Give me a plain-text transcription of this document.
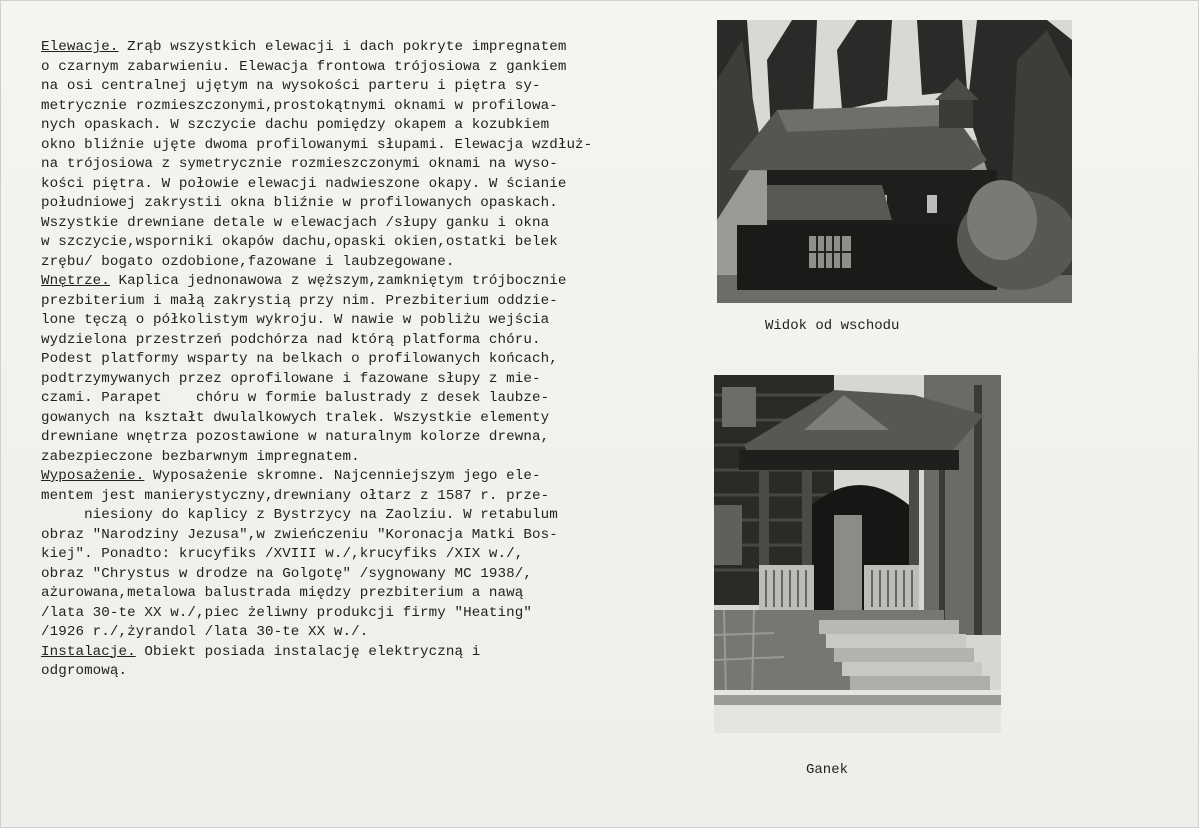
Elewacje. Zrąb wszystkich elewacji i dach pokryte impregnatem
o czarnym zabarwieniu. Elewacja frontowa trójosiowa z gankiem
na osi centralnej ujętym na wysokości parteru i piętra sy-
metrycznie rozmieszczonymi,prostokątnymi oknami w profilowa-
nych opaskach. W szczycie dachu pomiędzy okapem a kozubkiem
okno bliźnie ujęte dwoma profilowanymi słupami. Elewacja wzdłuż-
na trójosiowa z symetrycznie rozmieszczonymi oknami na wyso-
kości piętra. W połowie elewacji nadwieszone okapy. W ścianie
południowej zakrystii okna bliźnie w profilowanych opaskach.
Wszystkie drewniane detale w elewacjach /słupy ganku i okna
w szczycie,wsporniki okapów dachu,opaski okien,ostatki belek
zrębu/ bogato ozdobione,fazowane i laubzegowane.
Wnętrze. Kaplica jednonawowa z węższym,zamkniętym trójbocznie
prezbiterium i małą zakrystią przy nim. Prezbiterium oddzie-
lone tęczą o półkolistym wykroju. W nawie w pobliżu wejścia
wydzielona przestrzeń podchórza nad którą platforma chóru.
Podest platformy wsparty na belkach o profilowanych końcach,
podtrzymywanych przez oprofilowane i fazowane słupy z mie-
czami. Parapet    chóru w formie balustrady z desek laubze-
gowanych na kształt dwulalkowych tralek. Wszystkie elementy
drewniane wnętrza pozostawione w naturalnym kolorze drewna,
zabezpieczone bezbarwnym impregnatem.
Wyposażenie. Wyposażenie skromne. Najcenniejszym jego ele-
mentem jest manierystyczny,drewniany ołtarz z 1587 r. prze-
niesiony do kaplicy z Bystrzycy na Zaolziu. W retabulum
obraz "Narodziny Jezusa",w zwieńczeniu "Koronacja Matki Bos-
kiej". Ponadto: krucyfiks /XVIII w./,krucyfiks /XIX w./,
obraz "Chrystus w drodze na Golgotę" /sygnowany MC 1938/,
ażurowana,metalowa balustrada między prezbiterium a nawą
/lata 30-te XX w./,piec żeliwny produkcji firmy "Heating"
/1926 r./,żyrandol /lata 30-te XX w./.
Instalacje. Obiekt posiada instalację elektryczną i
odgromową.
Widok od wschodu
Ganek
